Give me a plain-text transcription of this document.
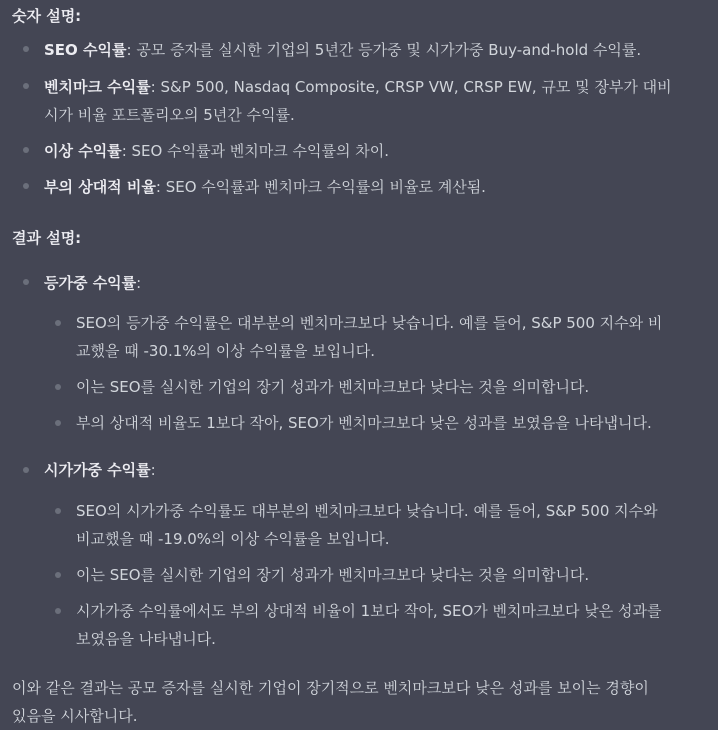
숫자 설명:
SEO 수익률: 공모 증자를 실시한 기업의 5년간 등가중 및 시가가중 Buy-and-hold 수익률.
벤치마크 수익률: S&P 500, Nasdaq Composite, CRSP VW, CRSP EW, 규모 및 장부가 대비
시가 비율 포트폴리오의 5년간 수익률.
이상 수익률: SEO 수익률과 벤치마크 수익률의 차이.
부의 상대적 비율: SEO 수익률과 벤치마크 수익률의 비율로 계산됨.
결과 설명:
등가중 수익률:
SEO의 등가중 수익률은 대부분의 벤치마크보다 낮습니다. 예를 들어, S&P 500 지수와 비
교했을 때 -30.1%의 이상 수익률을 보입니다.
이는 SEO를 실시한 기업의 장기 성과가 벤치마크보다 낮다는 것을 의미합니다.
부의 상대적 비율도 1보다 작아, SEO가 벤치마크보다 낮은 성과를 보였음을 나타냅니다.
시가가중 수익률:
SEO의 시가가중 수익률도 대부분의 벤치마크보다 낮습니다. 예를 들어, S&P 500 지수와
비교했을 때 -19.0%의 이상 수익률을 보입니다.
이는 SEO를 실시한 기업의 장기 성과가 벤치마크보다 낮다는 것을 의미합니다.
시가가중 수익률에서도 부의 상대적 비율이 1보다 작아, SEO가 벤치마크보다 낮은 성과를
보였음을 나타냅니다.
이와 같은 결과는 공모 증자를 실시한 기업이 장기적으로 벤치마크보다 낮은 성과를 보이는 경향이
있음을 시사합니다.
